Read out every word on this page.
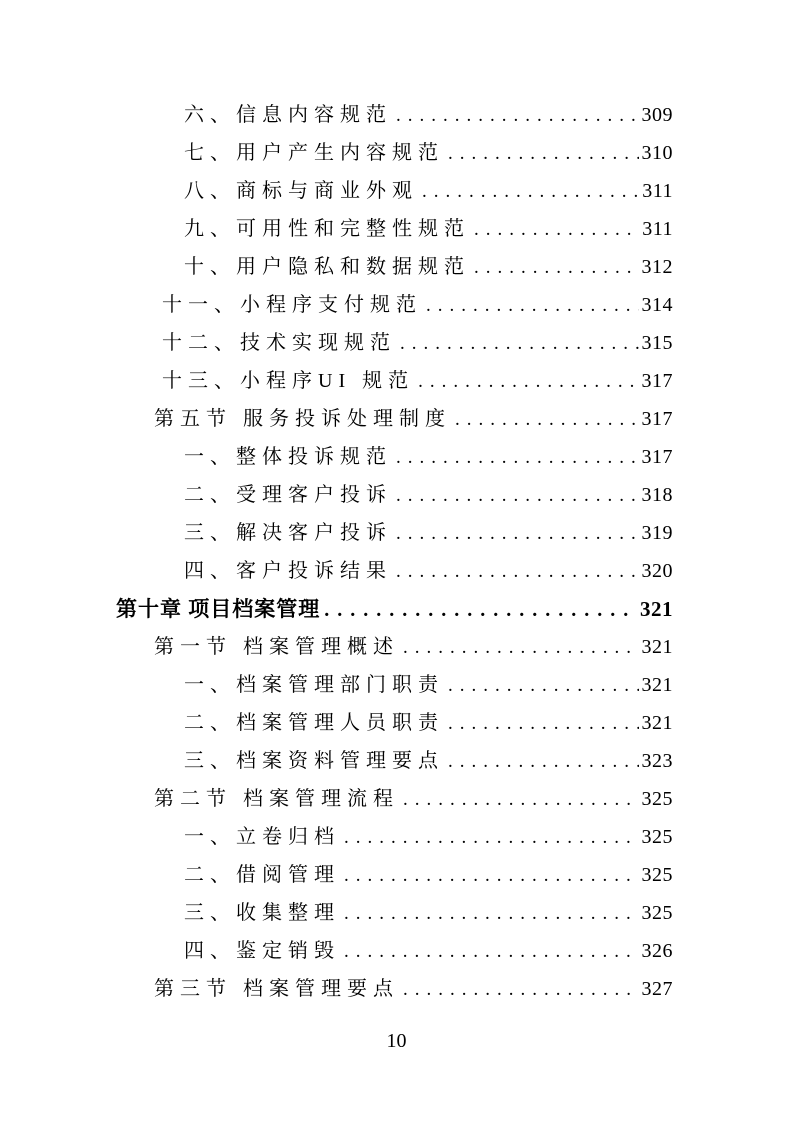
六、信息内容规范 .....	309
七、用户产生内容规范 .....	310
八、商标与商业外观 .....	311
九、可用性和完整性规范 .....	311
十、用户隐私和数据规范 .....	312
十一、小程序支付规范 .....	314
十二、技术实现规范 .....	315
十三、小程序UI 规范 .....	317
第五节 服务投诉处理制度 .....	317
一、整体投诉规范 .....	317
二、受理客户投诉 .....	318
三、解决客户投诉 .....	319
四、客户投诉结果 .....	320
第十章 项目档案管理 .....	321
第一节 档案管理概述 .....	321
一、档案管理部门职责 .....	321
二、档案管理人员职责 .....	321
三、档案资料管理要点 .....	323
第二节 档案管理流程 .....	325
一、立卷归档 .....	325
二、借阅管理 .....	325
三、收集整理 .....	325
四、鉴定销毁 .....	326
第三节 档案管理要点 .....	327
10
